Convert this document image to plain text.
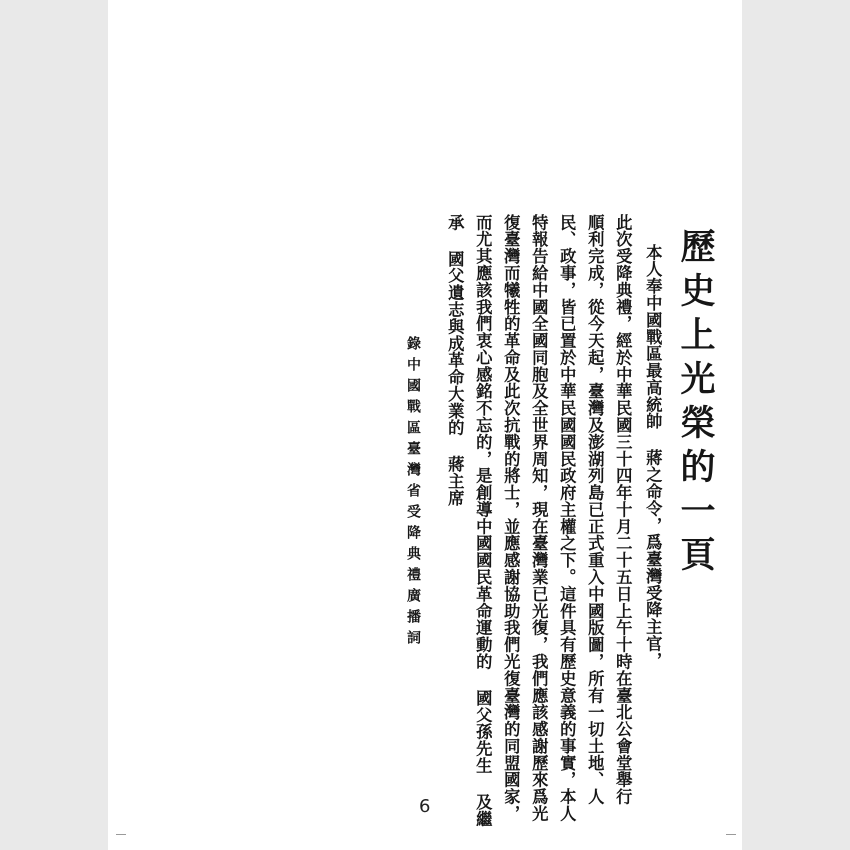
歷史上光榮的一頁
本人奉中國戰區最高統帥 蔣之命令，爲臺灣受降主官，
此次受降典禮，經於中華民國三十四年十月二十五日上午十時在臺北公會堂舉行
順利完成，從今天起，臺灣及澎湖列島已正式重入中國版圖，所有一切土地、人
民、政事，皆已置於中華民國國民政府主權之下。這件具有歷史意義的事實，本人
特報告給中國全國同胞及全世界周知，現在臺灣業已光復，我們應該感謝歷來爲光
復臺灣而犧牲的革命及此次抗戰的將士，並應感謝協助我們光復臺灣的同盟國家，
而尤其應該我們衷心感銘不忘的，是創導中國國民革命運動的 國父孫先生 及繼
承 國父遺志與成革命大業的 蔣主席
錄中國戰區臺灣省受降典禮廣播詞
6
